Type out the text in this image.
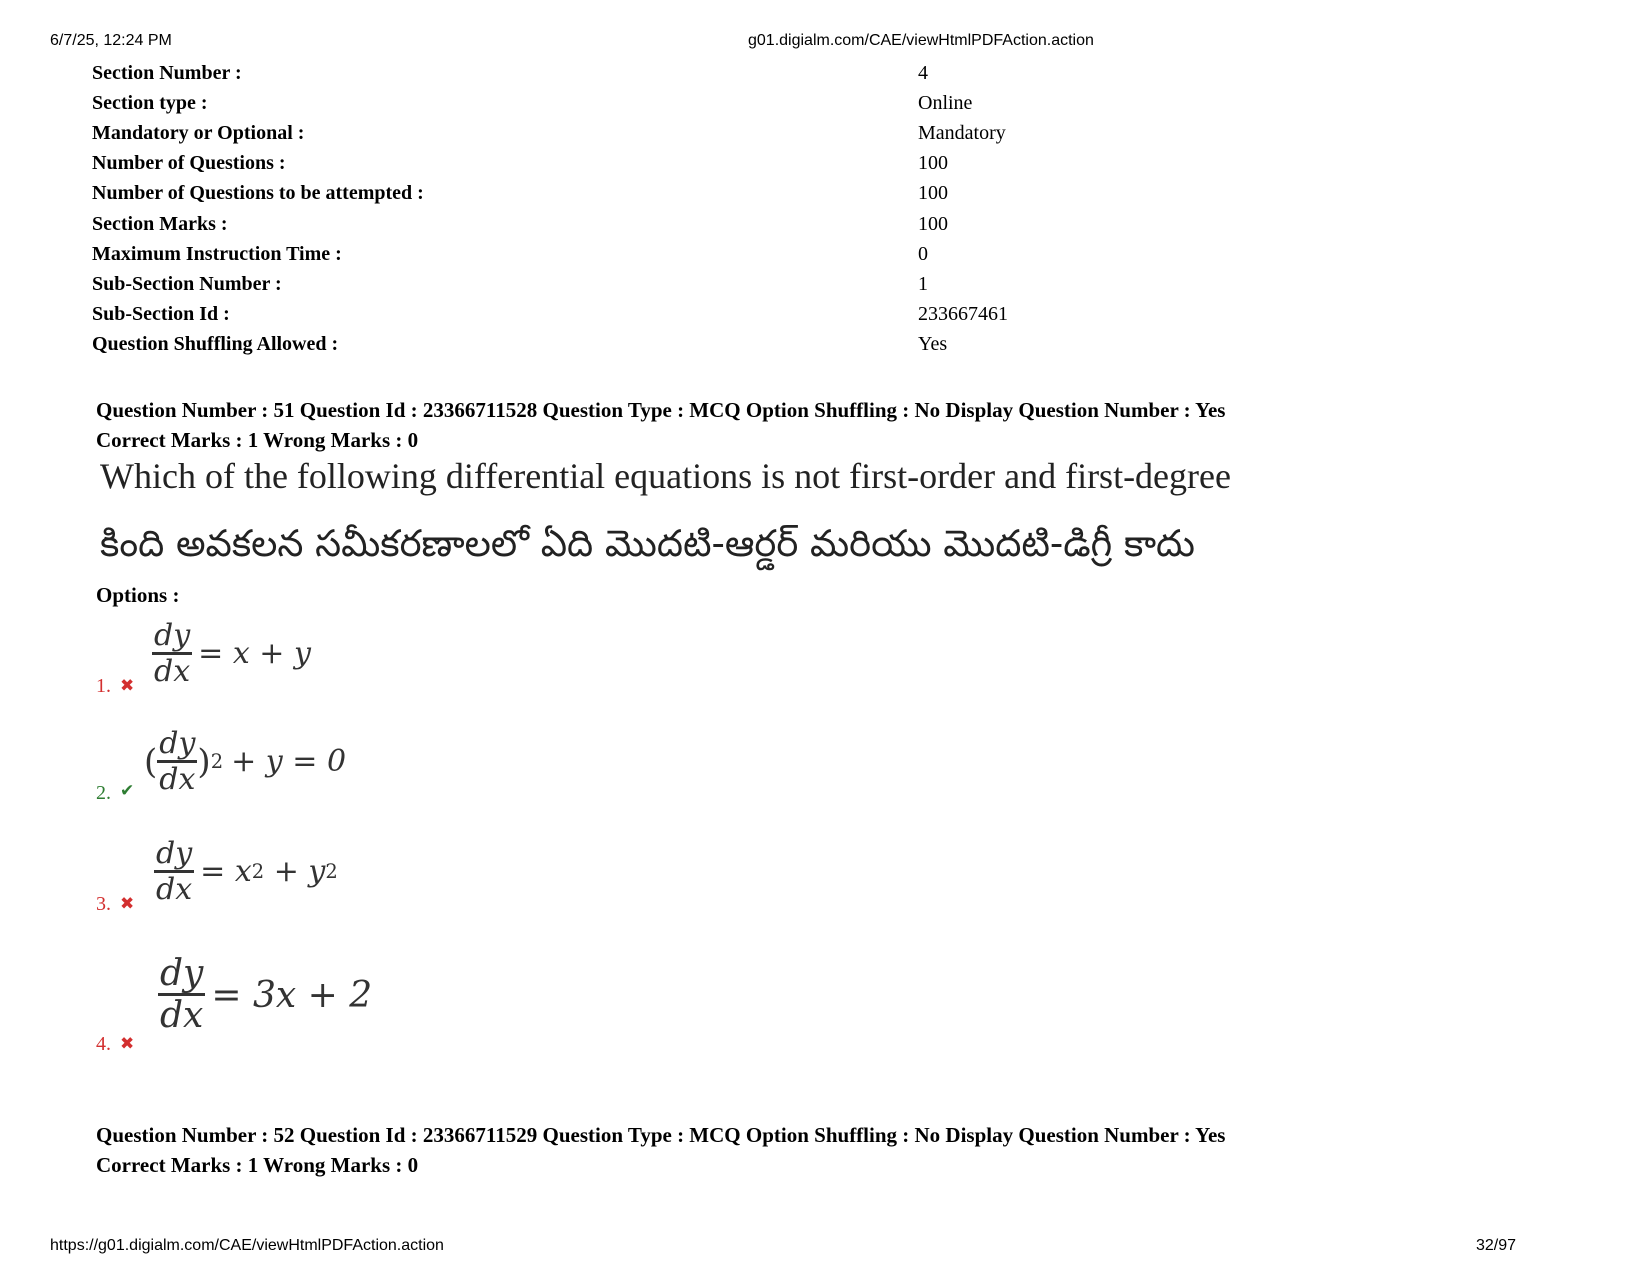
6/7/25, 12:24 PM	g01.digialm.com/CAE/viewHtmlPDFAction.action
Section Number :	4
Section type :	Online
Mandatory or Optional :	Mandatory
Number of Questions :	100
Number of Questions to be attempted :	100
Section Marks :	100
Maximum Instruction Time :	0
Sub-Section Number :	1
Sub-Section Id :	233667461
Question Shuffling Allowed :	Yes
Question Number : 51 Question Id : 23366711528 Question Type : MCQ Option Shuffling : No Display Question Number : Yes
Correct Marks : 1 Wrong Marks : 0
Which of the following differential equations is not first-order and first-degree
కింది అవకలన సమీకరణాలలో ఏది మొదటి-ఆర్డర్ మరియు మొదటి-డిగ్రీ కాదు
Options :
1. ✖ $\frac{dy}{dx} = x + y$
2. ✔
( $\frac{dy}{dx}$ ) 2 + y = 0
3. ✖ $\frac{dy}{dx} = x$ 2 + y 2
4. ✖
$\frac{dy}{dx} = 3x + 2$
Question Number : 52 Question Id : 23366711529 Question Type : MCQ Option Shuffling : No Display Question Number : Yes
Correct Marks : 1 Wrong Marks : 0
https://g01.digialm.com/CAE/viewHtmlPDFAction.action	32/97
